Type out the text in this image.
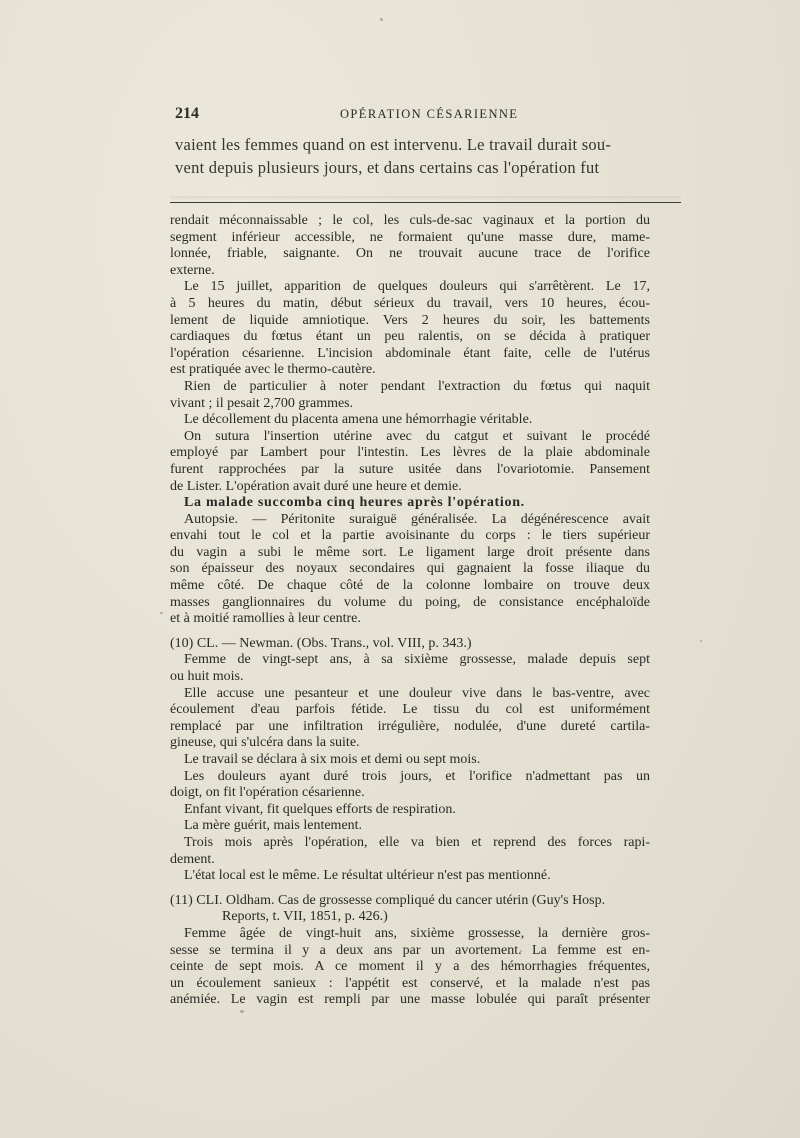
214	OPÉRATION CÉSARIENNE
vaient les femmes quand on est intervenu. Le travail durait sou-
vent depuis plusieurs jours, et dans certains cas l'opération fut
rendait méconnaissable ; le col, les culs-de-sac vaginaux et la portion du
segment inférieur accessible, ne formaient qu'une masse dure, mame-
lonnée, friable, saignante. On ne trouvait aucune trace de l'orifice
externe.
Le 15 juillet, apparition de quelques douleurs qui s'arrêtèrent. Le 17,
à 5 heures du matin, début sérieux du travail, vers 10 heures, écou-
lement de liquide amniotique. Vers 2 heures du soir, les battements
cardiaques du fœtus étant un peu ralentis, on se décida à pratiquer
l'opération césarienne. L'incision abdominale étant faite, celle de l'utérus
est pratiquée avec le thermo-cautère.
Rien de particulier à noter pendant l'extraction du fœtus qui naquit
vivant ; il pesait 2,700 grammes.
Le décollement du placenta amena une hémorrhagie véritable.
On sutura l'insertion utérine avec du catgut et suivant le procédé
employé par Lambert pour l'intestin. Les lèvres de la plaie abdominale
furent rapprochées par la suture usitée dans l'ovariotomie. Pansement
de Lister. L'opération avait duré une heure et demie.
La malade succomba cinq heures après l'opération.
Autopsie. — Péritonite suraiguë généralisée. La dégénérescence avait
envahi tout le col et la partie avoisinante du corps : le tiers supérieur
du vagin a subi le même sort. Le ligament large droit présente dans
son épaisseur des noyaux secondaires qui gagnaient la fosse iliaque du
même côté. De chaque côté de la colonne lombaire on trouve deux
masses ganglionnaires du volume du poing, de consistance encéphaloïde
et à moitié ramollies à leur centre.
(10) CL. — Newman. (Obs. Trans., vol. VIII, p. 343.)
Femme de vingt-sept ans, à sa sixième grossesse, malade depuis sept
ou huit mois.
Elle accuse une pesanteur et une douleur vive dans le bas-ventre, avec
écoulement d'eau parfois fétide. Le tissu du col est uniformément
remplacé par une infiltration irrégulière, nodulée, d'une dureté cartila-
gineuse, qui s'ulcéra dans la suite.
Le travail se déclara à six mois et demi ou sept mois.
Les douleurs ayant duré trois jours, et l'orifice n'admettant pas un
doigt, on fit l'opération césarienne.
Enfant vivant, fit quelques efforts de respiration.
La mère guérit, mais lentement.
Trois mois après l'opération, elle va bien et reprend des forces rapi-
dement.
L'état local est le même. Le résultat ultérieur n'est pas mentionné.
(11) CLI. Oldham. Cas de grossesse compliqué du cancer utérin (Guy's Hosp.
Reports, t. VII, 1851, p. 426.)
Femme âgée de vingt-huit ans, sixième grossesse, la dernière gros-
sesse se termina il y a deux ans par un avortement. La femme est en-
ceinte de sept mois. A ce moment il y a des hémorrhagies fréquentes,
un écoulement sanieux : l'appétit est conservé, et la malade n'est pas
anémiée. Le vagin est rempli par une masse lobulée qui paraît présenter
